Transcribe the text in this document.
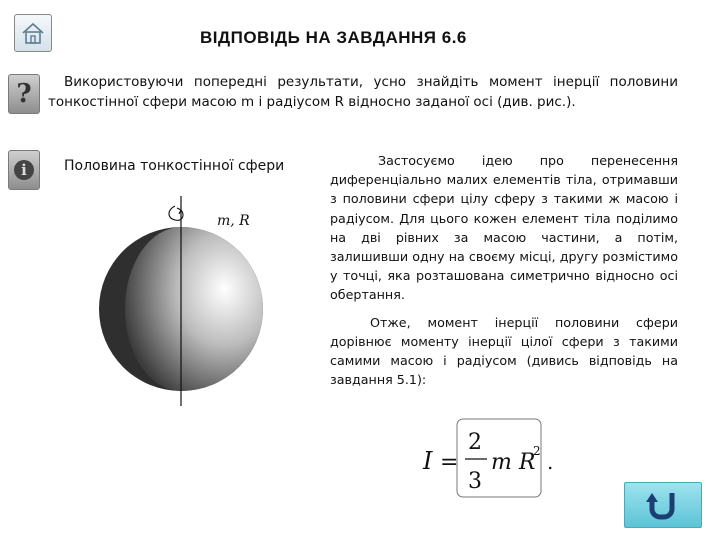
ВІДПОВІДЬ НА ЗАВДАННЯ 6.6
?	Використовуючи попередні результати, усно знайдіть момент інерції половини тонкостінної сфери масою m і радіусом R відносно заданої осі (див. рис.).
i	Половина тонкостінної сфери
m, R

Застосуємо ідею про перенесення диференціально малих елементів тіла, отримавши з половини сфери цілу сферу з такими ж масою і радіусом. Для цього кожен елемент тіла поділимо на дві рівних за масою частини, а потім, залишивши одну на своєму місці, другу розмістимо у точці, яка розташована симетрично відносно осі обертання.

Отже, момент інерції половини сфери дорівнює моменту інерції цілої сфери з такими самими масою і радіусом (дивись відповідь на завдання 5.1):

I =
2
3
m R
2 .
